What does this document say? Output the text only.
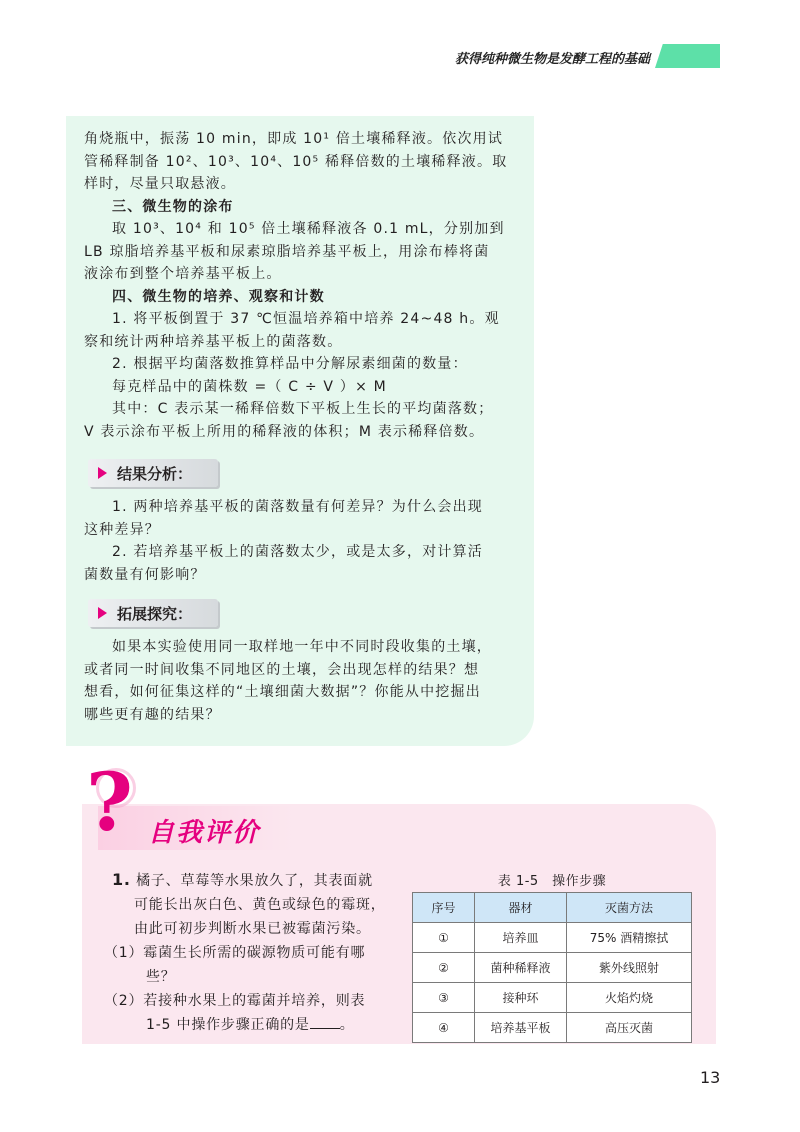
获得纯种微生物是发酵工程的基础

角烧瓶中，振荡 10 min，即成 10¹ 倍土壤稀释液。依次用试

管稀释制备 10²、10³、10⁴、10⁵ 稀释倍数的土壤稀释液。取

样时，尽量只取悬液。

三、微生物的涂布

取 10³、10⁴ 和 10⁵ 倍土壤稀释液各 0.1 mL，分别加到

LB 琼脂培养基平板和尿素琼脂培养基平板上，用涂布棒将菌

液涂布到整个培养基平板上。

四、微生物的培养、观察和计数

1. 将平板倒置于 37 ℃恒温培养箱中培养 24~48 h。观

察和统计两种培养基平板上的菌落数。

2. 根据平均菌落数推算样品中分解尿素细菌的数量：

每克样品中的菌株数 =（ C ÷ V ）× M

其中：C 表示某一稀释倍数下平板上生长的平均菌落数；

V 表示涂布平板上所用的稀释液的体积；M 表示稀释倍数。

结果分析：

1. 两种培养基平板的菌落数量有何差异？为什么会出现

这种差异？

2. 若培养基平板上的菌落数太少，或是太多，对计算活

菌数量有何影响？

拓展探究：

如果本实验使用同一取样地一年中不同时段收集的土壤，

或者同一时间收集不同地区的土壤，会出现怎样的结果？想

想看，如何征集这样的“土壤细菌大数据”？你能从中挖掘出

哪些更有趣的结果？

? 自我评价

1. 橘子、草莓等水果放久了，其表面就

可能长出灰白色、黄色或绿色的霉斑，

由此可初步判断水果已被霉菌污染。

（1）霉菌生长所需的碳源物质可能有哪

些？

（2）若接种水果上的霉菌并培养，则表

1-5 中操作步骤正确的是 。

表 1-5　操作步骤
序号	器材	灭菌方法
①	培养皿	75% 酒精擦拭
②	菌种稀释液	紫外线照射
③	接种环	火焰灼烧
④	培养基平板	高压灭菌
13
